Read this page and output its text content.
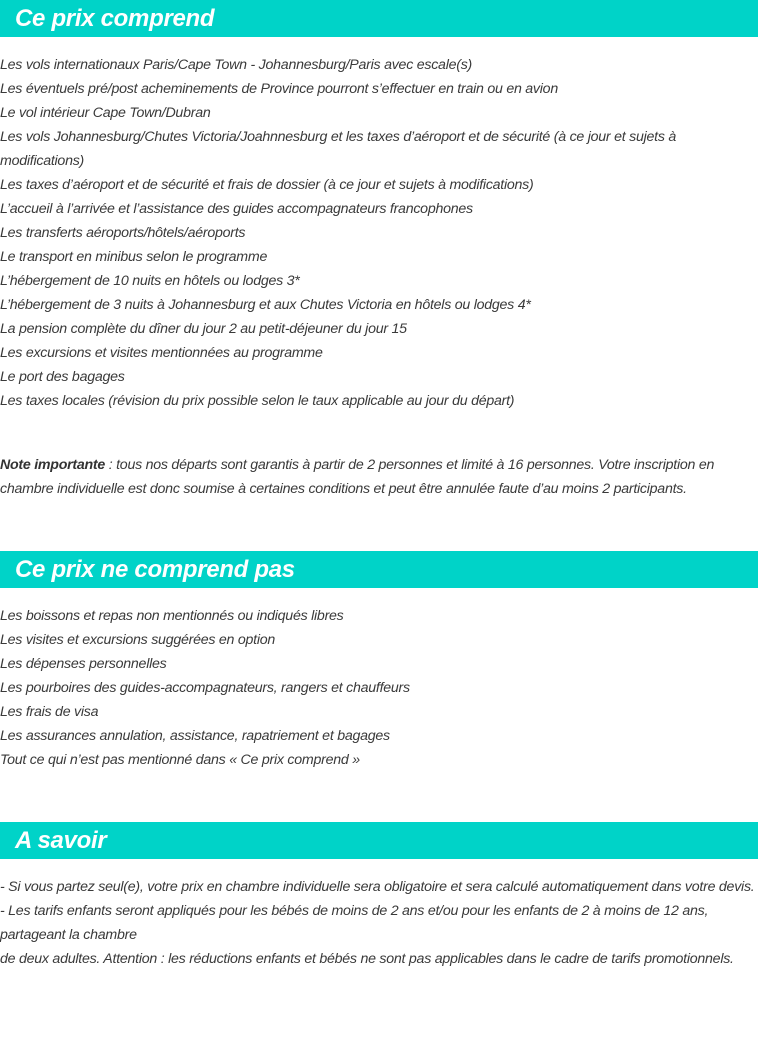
Ce prix comprend
Les vols internationaux Paris/Cape Town - Johannesburg/Paris avec escale(s)
Les éventuels pré/post acheminements de Province pourront s’effectuer en train ou en avion
Le vol intérieur Cape Town/Dubran
Les vols Johannesburg/Chutes Victoria/Joahnnesburg et les taxes d’aéroport et de sécurité (à ce jour et sujets à modifications)
Les taxes d’aéroport et de sécurité et frais de dossier (à ce jour et sujets à modifications)
L’accueil à l’arrivée et l’assistance des guides accompagnateurs francophones
Les transferts aéroports/hôtels/aéroports
Le transport en minibus selon le programme
L’hébergement de 10 nuits en hôtels ou lodges 3*
L’hébergement de 3 nuits à Johannesburg et aux Chutes Victoria en hôtels ou lodges 4*
La pension complète du dîner du jour 2 au petit-déjeuner du jour 15
Les excursions et visites mentionnées au programme
Le port des bagages
Les taxes locales (révision du prix possible selon le taux applicable au jour du départ)

Note importante : tous nos départs sont garantis à partir de 2 personnes et limité à 16 personnes. Votre inscription en chambre individuelle est donc soumise à certaines conditions et peut être annulée faute d’au moins 2 participants.

Ce prix ne comprend pas
Les boissons et repas non mentionnés ou indiqués libres
Les visites et excursions suggérées en option
Les dépenses personnelles
Les pourboires des guides-accompagnateurs, rangers et chauffeurs
Les frais de visa
Les assurances annulation, assistance, rapatriement et bagages
Tout ce qui n’est pas mentionné dans « Ce prix comprend »
A savoir
- Si vous partez seul(e), votre prix en chambre individuelle sera obligatoire et sera calculé automatiquement dans votre devis.
- Les tarifs enfants seront appliqués pour les bébés de moins de 2 ans et/ou pour les enfants de 2 à moins de 12 ans, partageant la chambre
de deux adultes. Attention : les réductions enfants et bébés ne sont pas applicables dans le cadre de tarifs promotionnels.
